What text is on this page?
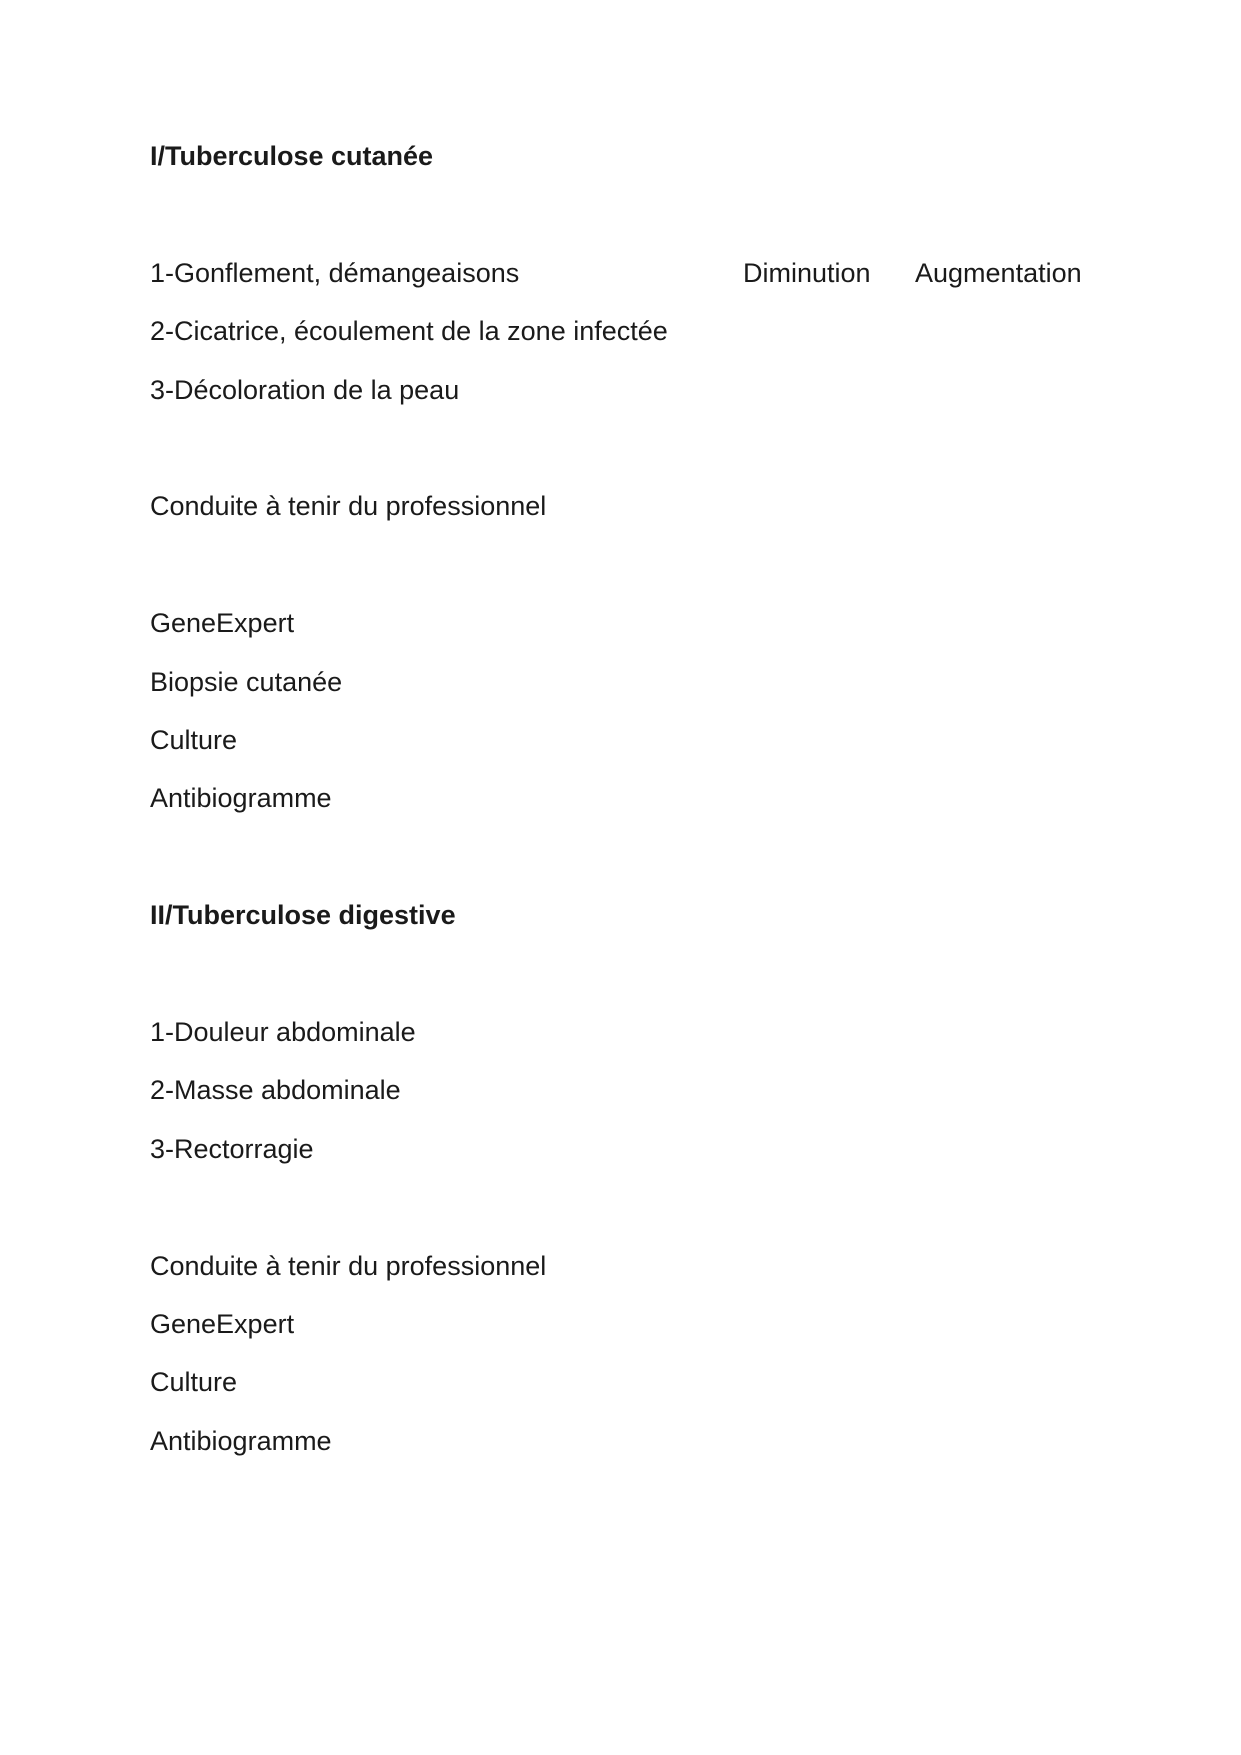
I/Tuberculose cutanée
1-Gonflement, démangeaisons	Diminution Augmentation
2-Cicatrice, écoulement de la zone infectée
3-Décoloration de la peau
Conduite à tenir du professionnel
GeneExpert
Biopsie cutanée
Culture
Antibiogramme
II/Tuberculose digestive
1-Douleur abdominale
2-Masse abdominale
3-Rectorragie
Conduite à tenir du professionnel
GeneExpert
Culture
Antibiogramme
